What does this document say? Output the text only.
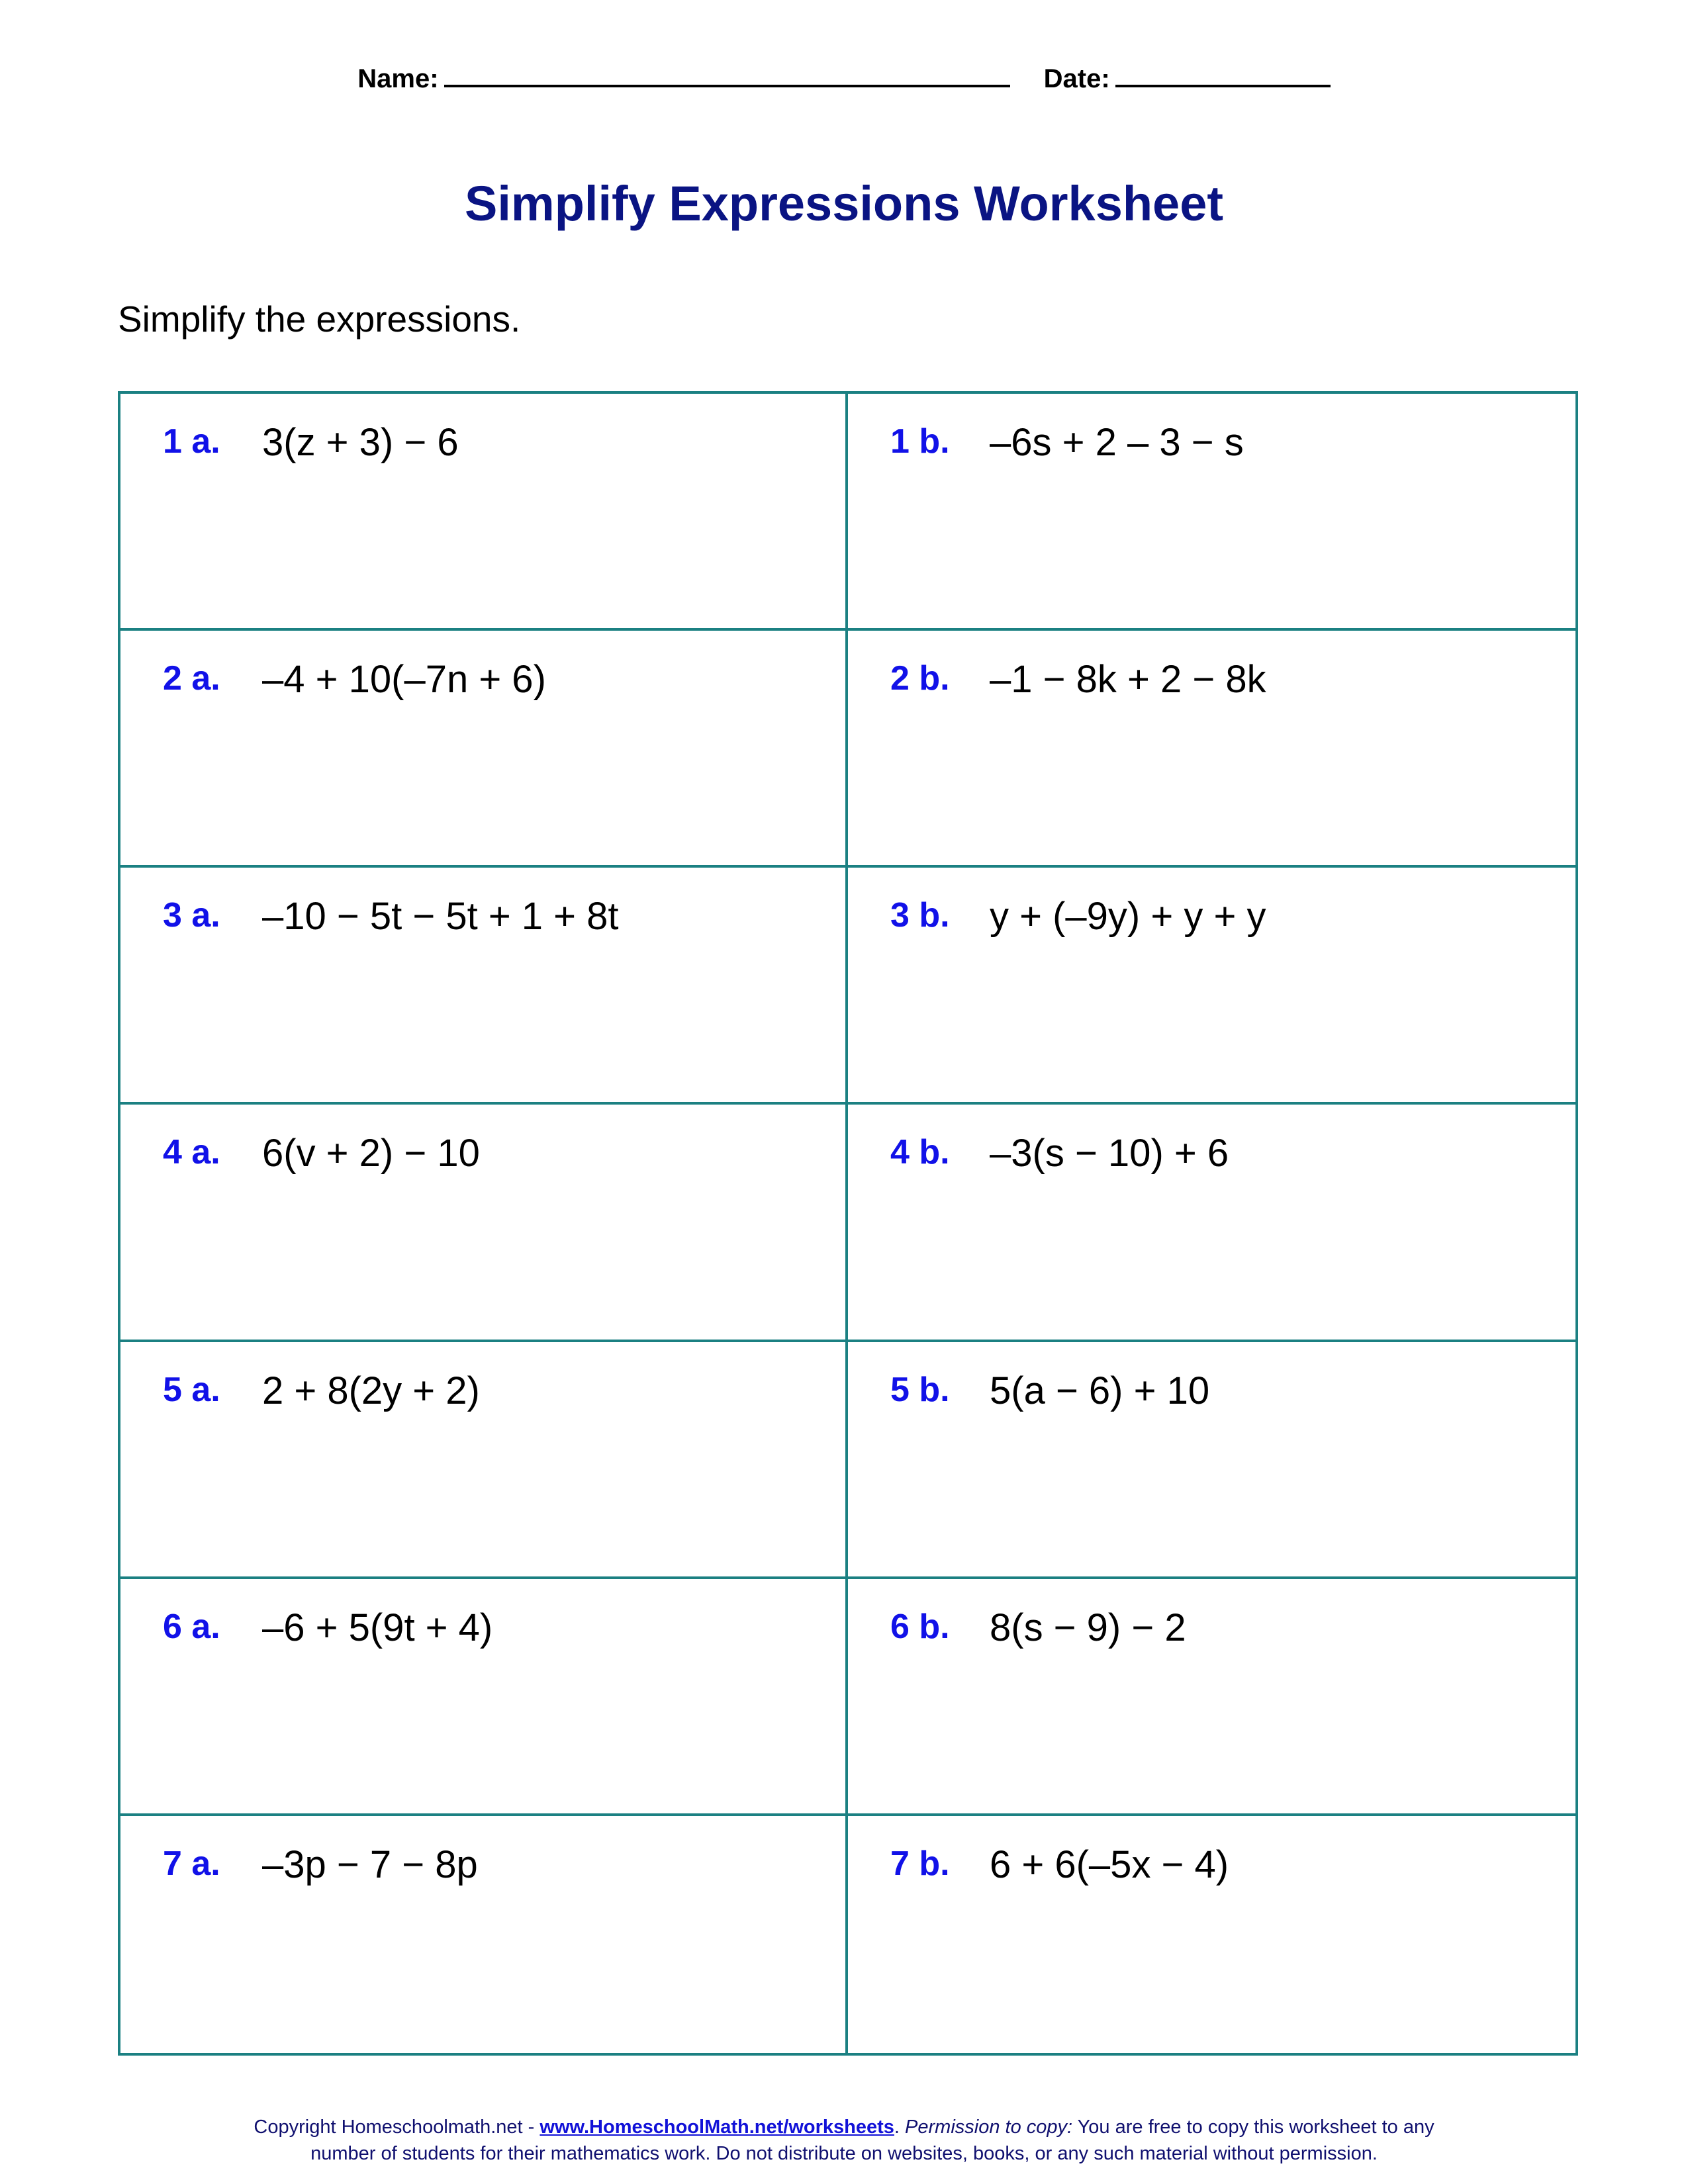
Name:	Date:
Simplify Expressions Worksheet
Simplify the expressions.
1 a. 3(z + 3) − 6	1 b. –6s + 2 – 3 − s
2 a. –4 + 10(–7n + 6)	2 b. –1 − 8k + 2 − 8k
3 a. –10 − 5t − 5t + 1 + 8t	3 b. y + (–9y) + y + y
4 a. 6(v + 2) − 10	4 b. –3(s − 10) + 6
5 a. 2 + 8(2y + 2)	5 b. 5(a − 6) + 10
6 a. –6 + 5(9t + 4)	6 b. 8(s − 9) − 2
7 a. –3p − 7 − 8p	7 b. 6 + 6(–5x − 4)
Copyright Homeschoolmath.net - www.HomeschoolMath.net/worksheets. Permission to copy: You are free to copy this worksheet to any
number of students for their mathematics work. Do not distribute on websites, books, or any such material without permission.
